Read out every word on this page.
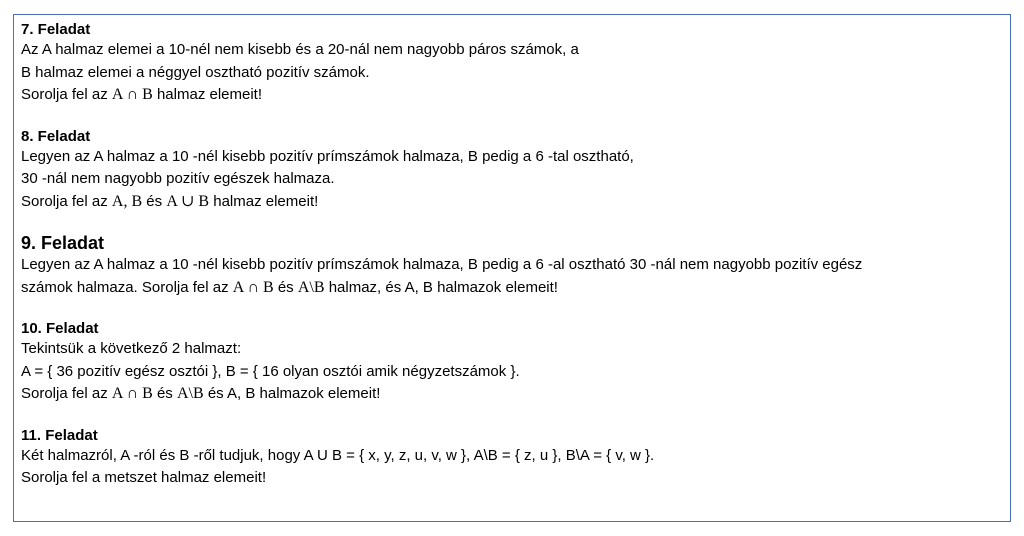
7. Feladat
Az A halmaz elemei a 10-nél nem kisebb és a 20-nál nem nagyobb páros számok, a
B halmaz elemei a néggyel osztható pozitív számok.
Sorolja fel az A ∩ B halmaz elemeit!
8. Feladat
Legyen az A halmaz a 10 -nél kisebb pozitív prímszámok halmaza, B pedig a 6 -tal osztható,
30 -nál nem nagyobb pozitív egészek halmaza.
Sorolja fel az A, B és A ∪ B halmaz elemeit!
9. Feladat
Legyen az A halmaz a 10 -nél kisebb pozitív prímszámok halmaza, B pedig a 6 -al osztható 30 -nál nem nagyobb pozitív egész
számok halmaza. Sorolja fel az A ∩ B és A\B halmaz, és A, B halmazok elemeit!
10. Feladat
Tekintsük a következő 2 halmazt:
A = { 36 pozitív egész osztói }, B = { 16 olyan osztói amik négyzetszámok }.
Sorolja fel az A ∩ B és A\B és A, B halmazok elemeit!
11. Feladat
Két halmazról, A -ról és B -ről tudjuk, hogy A U B = { x, y, z, u, v, w }, A\B = { z, u }, B\A = { v, w }.
Sorolja fel a metszet halmaz elemeit!
